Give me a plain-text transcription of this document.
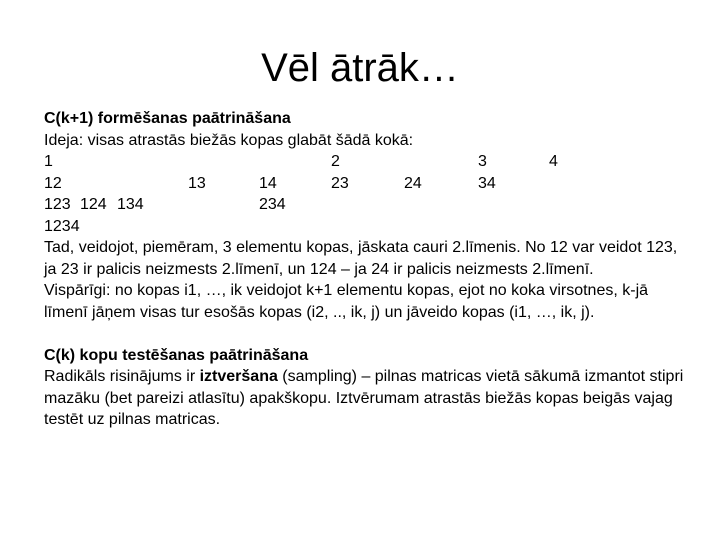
Vēl ātrāk…
C(k+1) formēšanas paātrināšana
Ideja: visas atrastās biežās kopas glabāt šādā kokā:
1	2	3	4
12	13	14	23	24	34
123 124 134	234
1234

Tad, veidojot, piemēram, 3 elementu kopas, jāskata cauri 2.līmenis. No 12 var veidot 123, ja 23 ir palicis neizmests 2.līmenī, un 124 – ja 24 ir palicis neizmests 2.līmenī.

Vispārīgi: no kopas i1, …, ik veidojot k+1 elementu kopas, ejot no koka virsotnes, k-jā līmenī jāņem visas tur esošās kopas (i2, .., ik, j) un jāveido kopas (i1, …, ik, j).

C(k) kopu testēšanas paātrināšana

Radikāls risinājums ir iztveršana (sampling) – pilnas matricas vietā sākumā izmantot stipri mazāku (bet pareizi atlasītu) apakškopu. Iztvērumam atrastās biežās kopas beigās vajag testēt uz pilnas matricas.
